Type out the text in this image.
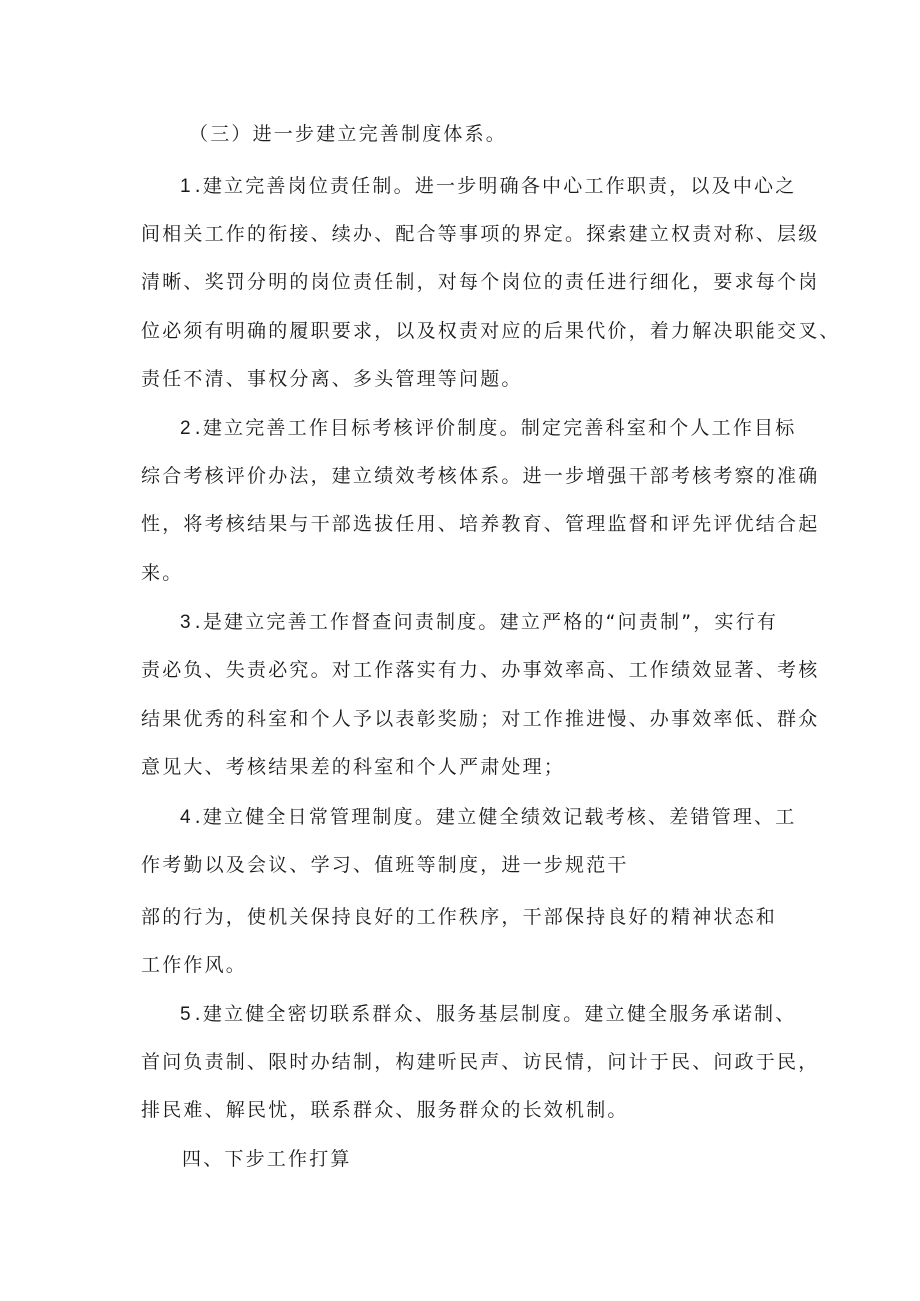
（三）进一步建立完善制度体系。
1 .建立完善岗位责任制。进一步明确各中心工作职责，以及中心之
间相关工作的衔接、续办、配合等事项的界定。探索建立权责对称、层级
清晰、奖罚分明的岗位责任制，对每个岗位的责任进行细化，要求每个岗
位必须有明确的履职要求，以及权责对应的后果代价，着力解决职能交叉、
责任不清、事权分离、多头管理等问题。
2 .建立完善工作目标考核评价制度。制定完善科室和个人工作目标
综合考核评价办法，建立绩效考核体系。进一步增强干部考核考察的准确
性，将考核结果与干部选拔任用、培养教育、管理监督和评先评优结合起
来。
3 .是建立完善工作督查问责制度。建立严格的“问责制”，实行有
责必负、失责必究。对工作落实有力、办事效率高、工作绩效显著、考核
结果优秀的科室和个人予以表彰奖励；对工作推进慢、办事效率低、群众
意见大、考核结果差的科室和个人严肃处理；
4 .建立健全日常管理制度。建立健全绩效记载考核、差错管理、工
作考勤以及会议、学习、值班等制度，进一步规范干
部的行为，使机关保持良好的工作秩序，干部保持良好的精神状态和
工作作风。
5 .建立健全密切联系群众、服务基层制度。建立健全服务承诺制、
首问负责制、限时办结制，构建听民声、访民情，问计于民、问政于民，
排民难、解民忧，联系群众、服务群众的长效机制。
四、下步工作打算
